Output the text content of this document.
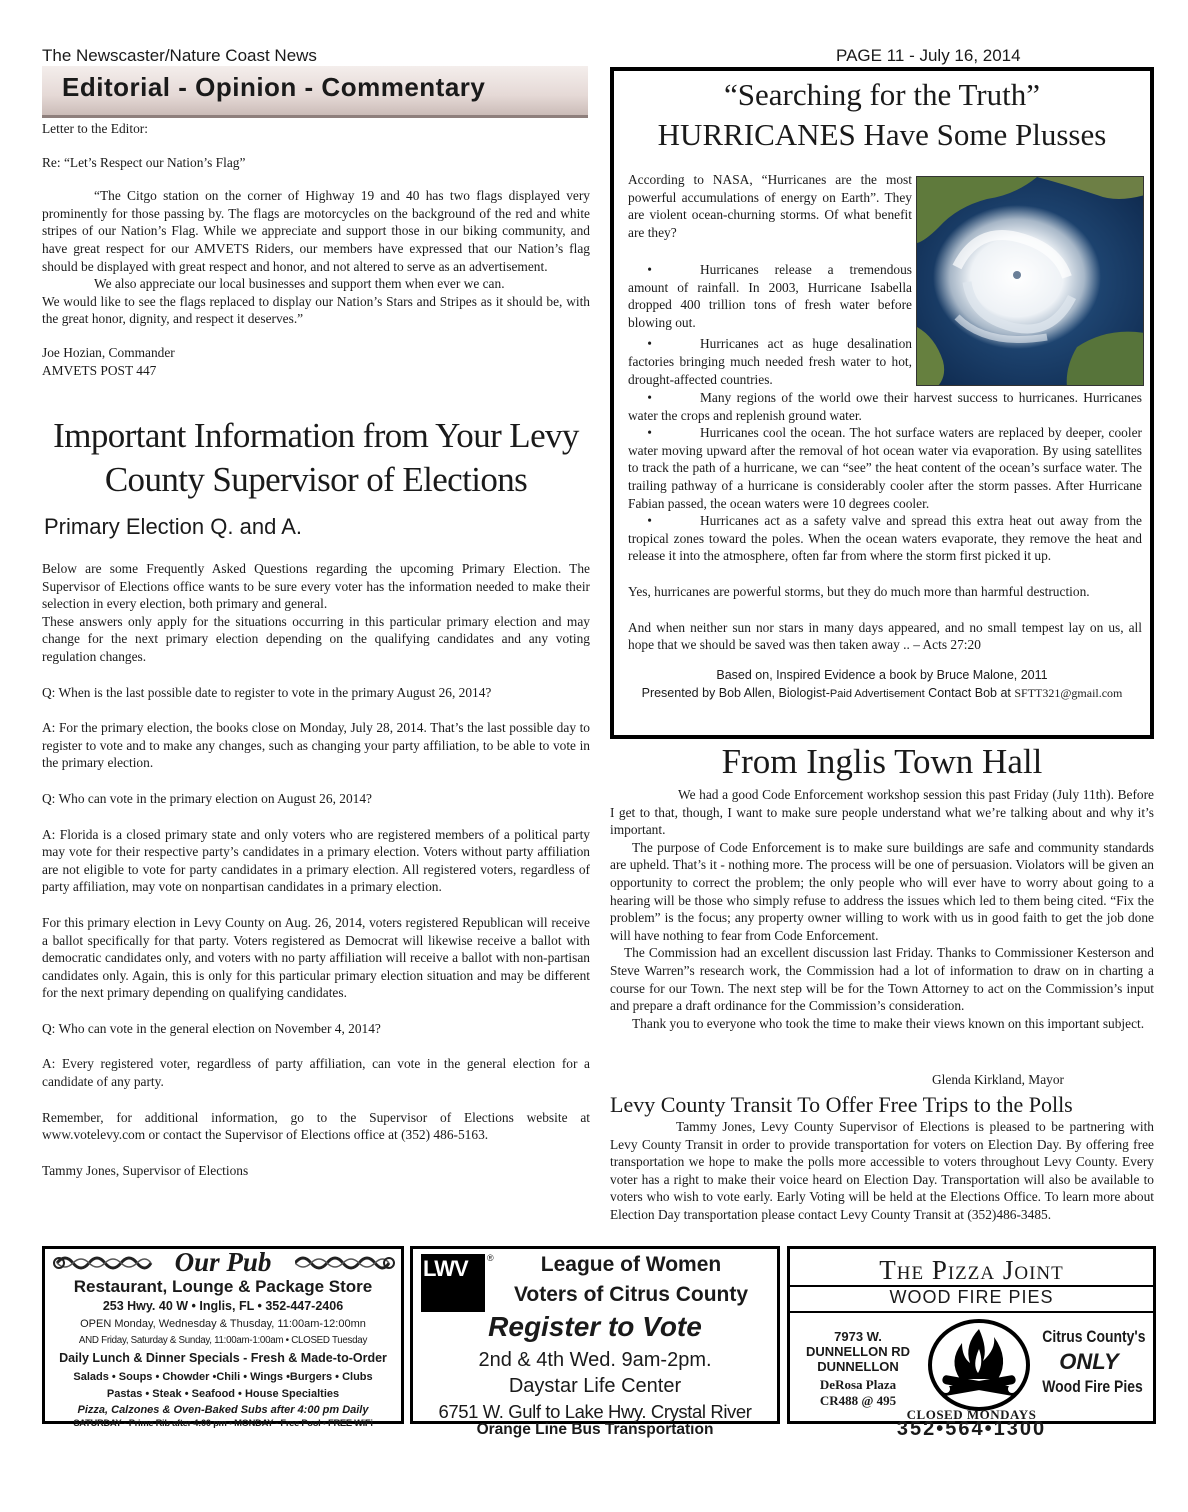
The Newscaster/Nature Coast News	PAGE 11 - July 16, 2014
Editorial - Opinion - Commentary
Letter to the Editor:
Re: “Let’s Respect our Nation’s Flag”
“The Citgo station on the corner of Highway 19 and 40 has two flags displayed very prominently for those passing by. The flags are motorcycles on the background of the red and white stripes of our Nation’s Flag. While we appreciate and support those in our biking community, and have great respect for our AMVETS Riders, our members have expressed that our Nation’s flag should be displayed with great respect and honor, and not altered to serve as an advertisement.
We also appreciate our local businesses and support them when ever we can.
We would like to see the flags replaced to display our Nation’s Stars and Stripes as it should be, with the great honor, dignity, and respect it deserves.”
Joe Hozian, Commander
AMVETS POST 447
Important Information from Your Levy County Supervisor of Elections
Primary Election Q. and A.
Below are some Frequently Asked Questions regarding the upcoming Primary Election. The Supervisor of Elections office wants to be sure every voter has the information needed to make their selection in every election, both primary and general.
These answers only apply for the situations occurring in this particular primary election and may change for the next primary election depending on the qualifying candidates and any voting regulation changes.
Q: When is the last possible date to register to vote in the primary August 26, 2014?
A: For the primary election, the books close on Monday, July 28, 2014. That’s the last possible day to register to vote and to make any changes, such as changing your party affiliation, to be able to vote in the primary election.
Q: Who can vote in the primary election on August 26, 2014?
A: Florida is a closed primary state and only voters who are registered members of a political party may vote for their respective party’s candidates in a primary election. Voters without party affiliation are not eligible to vote for party candidates in a primary election. All registered voters, regardless of party affiliation, may vote on nonpartisan candidates in a primary election.
For this primary election in Levy County on Aug. 26, 2014, voters registered Republican will receive a ballot specifically for that party. Voters registered as Democrat will likewise receive a ballot with democratic candidates only, and voters with no party affiliation will receive a ballot with non-partisan candidates only. Again, this is only for this particular primary election situation and may be different for the next primary depending on qualifying candidates.
Q: Who can vote in the general election on November 4, 2014?
A: Every registered voter, regardless of party affiliation, can vote in the general election for a candidate of any party.
Remember, for additional information, go to the Supervisor of Elections website at www.votelevy.com or contact the Supervisor of Elections office at (352) 486-5163.
Tammy Jones, Supervisor of Elections
“Searching for the Truth”
HURRICANES Have Some Plusses
According to NASA, “Hurricanes are the most powerful accumulations of energy on Earth”. They are violent ocean-churning storms. Of what benefit are they?
•	Hurricanes release a tremendous amount of rainfall. In 2003, Hurricane Isabella dropped 400 trillion tons of fresh water before blowing out.
•	Hurricanes act as huge desalination factories bringing much needed fresh water to hot, drought-affected countries.
•	Many regions of the world owe their harvest success to hurricanes. Hurricanes water the crops and replenish ground water.
•	Hurricanes cool the ocean. The hot surface waters are replaced by deeper, cooler water moving upward after the removal of hot ocean water via evaporation. By using satellites to track the path of a hurricane, we can “see” the heat content of the ocean’s surface water. The trailing pathway of a hurricane is considerably cooler after the storm passes. After Hurricane Fabian passed, the ocean waters were 10 degrees cooler.
•	Hurricanes act as a safety valve and spread this extra heat out away from the tropical zones toward the poles. When the ocean waters evaporate, they remove the heat and release it into the atmosphere, often far from where the storm first picked it up.
Yes, hurricanes are powerful storms, but they do much more than harmful destruction.
And when neither sun nor stars in many days appeared, and no small tempest lay on us, all hope that we should be saved was then taken away .. – Acts 27:20
Based on, Inspired Evidence a book by Bruce Malone, 2011
Presented by Bob Allen, Biologist-Paid Advertisement Contact Bob at SFTT321@gmail.com
From Inglis Town Hall
We had a good Code Enforcement workshop session this past Friday (July 11th). Before I get to that, though, I want to make sure people understand what we’re talking about and why it’s important.
The purpose of Code Enforcement is to make sure buildings are safe and community standards are upheld. That’s it - nothing more. The process will be one of persuasion. Violators will be given an opportunity to correct the problem; the only people who will ever have to worry about going to a hearing will be those who simply refuse to address the issues which led to them being cited. “Fix the problem” is the focus; any property owner willing to work with us in good faith to get the job done will have nothing to fear from Code Enforcement.
The Commission had an excellent discussion last Friday. Thanks to Commissioner Kesterson and Steve Warren”s research work, the Commission had a lot of information to draw on in charting a course for our Town. The next step will be for the Town Attorney to act on the Commission’s input and prepare a draft ordinance for the Commission’s consideration.
Thank you to everyone who took the time to make their views known on this important subject.
Glenda Kirkland, Mayor
Levy County Transit To Offer Free Trips to the Polls
Tammy Jones, Levy County Supervisor of Elections is pleased to be partnering with Levy County Transit in order to provide transportation for voters on Election Day. By offering free transportation we hope to make the polls more accessible to voters throughout Levy County. Every voter has a right to make their voice heard on Election Day. Transportation will also be available to voters who wish to vote early. Early Voting will be held at the Elections Office. To learn more about Election Day transportation please contact Levy County Transit at (352)486-3485.
Our Pub
Restaurant, Lounge & Package Store
253 Hwy. 40 W • Inglis, FL • 352-447-2406
OPEN Monday, Wednesday & Thusday, 11:00am-12:00mn
AND Friday, Saturday & Sunday, 11:00am-1:00am • CLOSED Tuesday
Daily Lunch & Dinner Specials - Fresh & Made-to-Order
Salads • Soups • Chowder •Chili • Wings •Burgers • Clubs
Pastas • Steak • Seafood • House Specialties
Pizza, Calzones & Oven-Baked Subs after 4:00 pm Daily
SATURDAY - Prime Rib after 4:00 pm • MONDAY - Free Pool • FREE WiFi
LWV ®	League of Women
Voters of Citrus County
Register to Vote
2nd & 4th Wed. 9am-2pm.
Daystar Life Center
6751 W. Gulf to Lake Hwy. Crystal River
Orange Line Bus Transportation
The Pizza Joint
WOOD FIRE PIES
7973 W.
DUNNELLON RD
DUNNELLON
DeRosa Plaza
CR488 @ 495
Citrus County's
ONLY
Wood Fire Pies
CLOSED MONDAYS
352•564•1300
